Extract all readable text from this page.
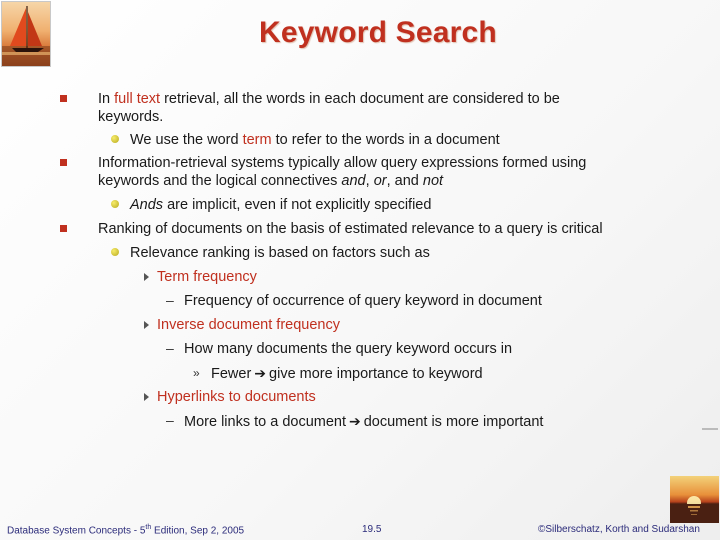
Keyword Search
In full text retrieval, all the words in each document are considered to be
keywords.
We use the word term to refer to the words in a document
Information-retrieval systems typically allow query expressions formed using
keywords and the logical connectives and, or, and not
Ands are implicit, even if not explicitly specified
Ranking of documents on the basis of estimated relevance to a query is critical
Relevance ranking is based on factors such as
Term frequency
– Frequency of occurrence of query keyword in document
Inverse document frequency
– How many documents the query keyword occurs in
» Fewer ➔ give more importance to keyword
Hyperlinks to documents
– More links to a document ➔ document is more important
Database System Concepts - 5th Edition, Sep 2, 2005	19.5	©Silberschatz, Korth and Sudarshan
